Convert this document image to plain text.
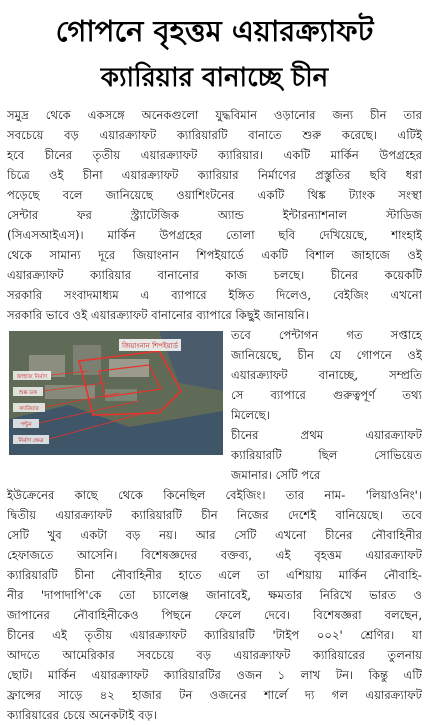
গোপনে বৃহত্তম এয়ারক্র্যাফট
ক্যারিয়ার বানাচ্ছে চীন
সমুদ্র থেকে একসঙ্গে অনেকগুলো যুদ্ধবিমান ওড়ানোর জন্য চীন তার
সবচেয়ে বড় এয়ারক্র্যাফট ক্যারিয়ারটি বানাতে শুরু করেছে। এটিই
হবে চীনের তৃতীয় এয়ারক্র্যাফট ক্যারিয়ার। একটি মার্কিন উপগ্রহের
চিত্রে ওই চীনা এয়ারক্র্যাফট ক্যারিয়ার নির্মাণের প্রস্তুতির ছবি ধরা
পড়েছে বলে জানিয়েছে ওয়াশিংটনের একটি থিঙ্ক ট্যাংক সংস্থা
সেন্টার ফর স্ট্র্যাটেজিক অ্যান্ড ইন্টারন্যাশনাল স্টাডিজ
(সিএসআইএস)। মার্কিন উপগ্রহের তোলা ছবি দেখিয়েছে, শাংহাই
থেকে সামান্য দূরে জিয়াংনান শিপইয়ার্ডে একটি বিশাল জাহাজে ওই
এয়ারক্র্যাফট ক্যারিয়ার বানানোর কাজ চলছে। চীনের কয়েকটি
সরকারি সংবাদমাধ্যম এ ব্যাপারে ইঙ্গিত দিলেও, বেইজিং এখনো
সরকারি ভাবে ওই এয়ারক্র্যাফট বানানোর ব্যাপারে কিছুই জানায়নি।
তবে পেন্টাগন গত সপ্তাহে
জানিয়েছে, চীন যে গোপনে ওই
এয়ারক্র্যাফট বানাচ্ছে, সম্প্রতি
সে ব্যাপারে গুরুত্বপূর্ণ তথ্য
মিলেছে।
চীনের প্রথম এয়ারক্র্যাফট
ক্যারিয়ারটি ছিল সোভিয়েত
জমানার। সেটি পরে
ইউক্রেনের কাছে থেকে কিনেছিল বেইজিং। তার নাম- 'লিয়াওনিং'।
দ্বিতীয় এয়ারক্র্যাফট ক্যারিয়ারটি চীন নিজের দেশেই বানিয়েছে। তবে
সেটি খুব একটা বড় নয়। আর সেটি এখনো চীনের নৌবাহিনীর
হেফাজতে আসেনি। বিশেষজ্ঞদের বক্তব্য, এই বৃহত্তম এয়ারক্র্যাফট
ক্যারিয়ারটি চীনা নৌবাহিনীর হাতে এলে তা এশিয়ায় মার্কিন নৌবাহি-
নীর 'দাপাদাপি'কে তো চ্যালেঞ্জ জানাবেই, ক্ষমতার নিরিখে ভারত ও
জাপানের নৌবাহিনীকেও পিছনে ফেলে দেবে। বিশেষজ্ঞরা বলছেন,
চীনের এই তৃতীয় এয়ারক্র্যাফট ক্যারিয়ারটি 'টাইপ ০০২' শ্রেণির। যা
আদতে আমেরিকার সবচেয়ে বড় এয়ারক্র্যাফট ক্যারিয়ারের তুলনায়
ছোট। মার্কিন এয়ারক্র্যাফট ক্যারিয়ারটির ওজন ১ লাখ টন। কিন্তু এটি
ফ্রান্সের সাড়ে ৪২ হাজার টন ওজনের শার্লে দ্য গল এয়ারক্র্যাফট
ক্যারিয়ারের চেয়ে অনেকটাই বড়।
জিয়াংনান শিপইয়ার্ড
জাহাজ নির্মাণ
শুষ্ক ডক
ক্যারিয়ার
পন্টুন
নির্মাণ ক্ষেত্র
